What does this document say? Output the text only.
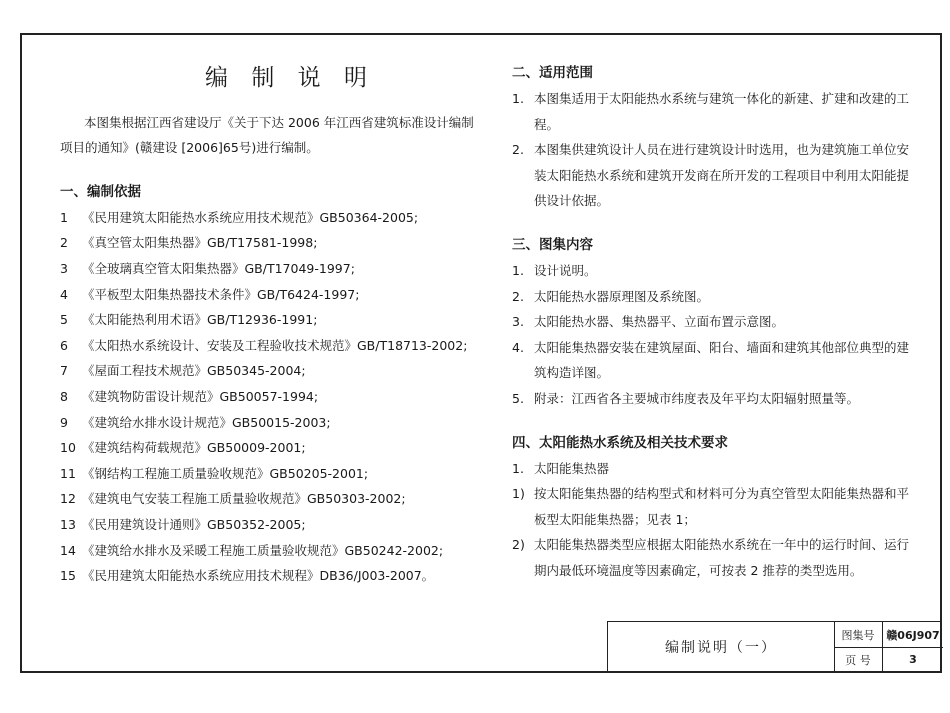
编 制 说 明
本图集根据江西省建设厅《关于下达 2006 年江西省建筑标准设计编制项目的通知》(赣建设 [2006]65号)进行编制。
一、编制依据
1	《民用建筑太阳能热水系统应用技术规范》GB50364-2005;
2	《真空管太阳集热器》GB/T17581-1998;
3	《全玻璃真空管太阳集热器》GB/T17049-1997;
4	《平板型太阳集热器技术条件》GB/T6424-1997;
5	《太阳能热利用术语》GB/T12936-1991;
6	《太阳热水系统设计、安装及工程验收技术规范》GB/T18713-2002;
7	《屋面工程技术规范》GB50345-2004;
8	《建筑物防雷设计规范》GB50057-1994;
9	《建筑给水排水设计规范》GB50015-2003;
10 《建筑结构荷载规范》GB50009-2001;
11 《钢结构工程施工质量验收规范》GB50205-2001;
12 《建筑电气安装工程施工质量验收规范》GB50303-2002;
13 《民用建筑设计通则》GB50352-2005;
14 《建筑给水排水及采暖工程施工质量验收规范》GB50242-2002;
15 《民用建筑太阳能热水系统应用技术规程》DB36/J003-2007。
二、适用范围
1. 本图集适用于太阳能热水系统与建筑一体化的新建、扩建和改建的工程。
2. 本图集供建筑设计人员在进行建筑设计时选用，也为建筑施工单位安装太阳能热水系统和建筑开发商在所开发的工程项目中利用太阳能提供设计依据。
三、图集内容
1. 设计说明。
2. 太阳能热水器原理图及系统图。
3. 太阳能热水器、集热器平、立面布置示意图。
4. 太阳能集热器安装在建筑屋面、阳台、墙面和建筑其他部位典型的建筑构造详图。
5. 附录：江西省各主要城市纬度表及年平均太阳辐射照量等。
四、太阳能热水系统及相关技术要求
1. 太阳能集热器
1) 按太阳能集热器的结构型式和材料可分为真空管型太阳能集热器和平板型太阳能集热器；见表 1；
2) 太阳能集热器类型应根据太阳能热水系统在一年中的运行时间、运行期内最低环境温度等因素确定，可按表 2 推荐的类型选用。
编制说明（一）
图集号	赣06J907
页 号	3
